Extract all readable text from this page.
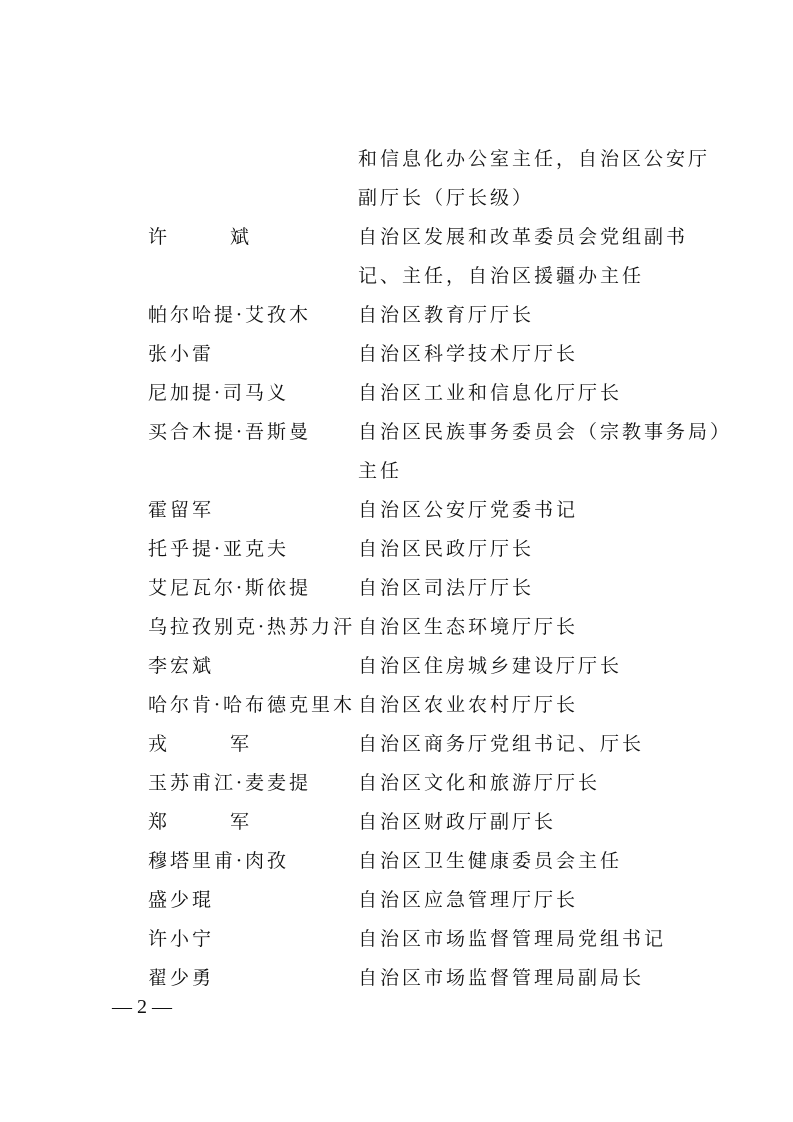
和信息化办公室主任，自治区公安厅
副厅长（厅长级）
许　斌	自治区发展和改革委员会党组副书
记、主任，自治区援疆办主任
帕尔哈提·艾孜木 自治区教育厅厅长
张小雷	自治区科学技术厅厅长
尼加提·司马义	自治区工业和信息化厅厅长
买合木提·吾斯曼 自治区民族事务委员会（宗教事务局）
主任
霍留军	自治区公安厅党委书记
托乎提·亚克夫	自治区民政厅厅长
艾尼瓦尔·斯依提 自治区司法厅厅长
乌拉孜别克·热苏力汗 自治区生态环境厅厅长
李宏斌	自治区住房城乡建设厅厅长
哈尔肯·哈布德克里木 自治区农业农村厅厅长
戎　军	自治区商务厅党组书记、厅长
玉苏甫江·麦麦提 自治区文化和旅游厅厅长
郑　军	自治区财政厅副厅长
穆塔里甫·肉孜	自治区卫生健康委员会主任
盛少琨	自治区应急管理厅厅长
许小宁	自治区市场监督管理局党组书记
翟少勇	自治区市场监督管理局副局长
— 2 —
